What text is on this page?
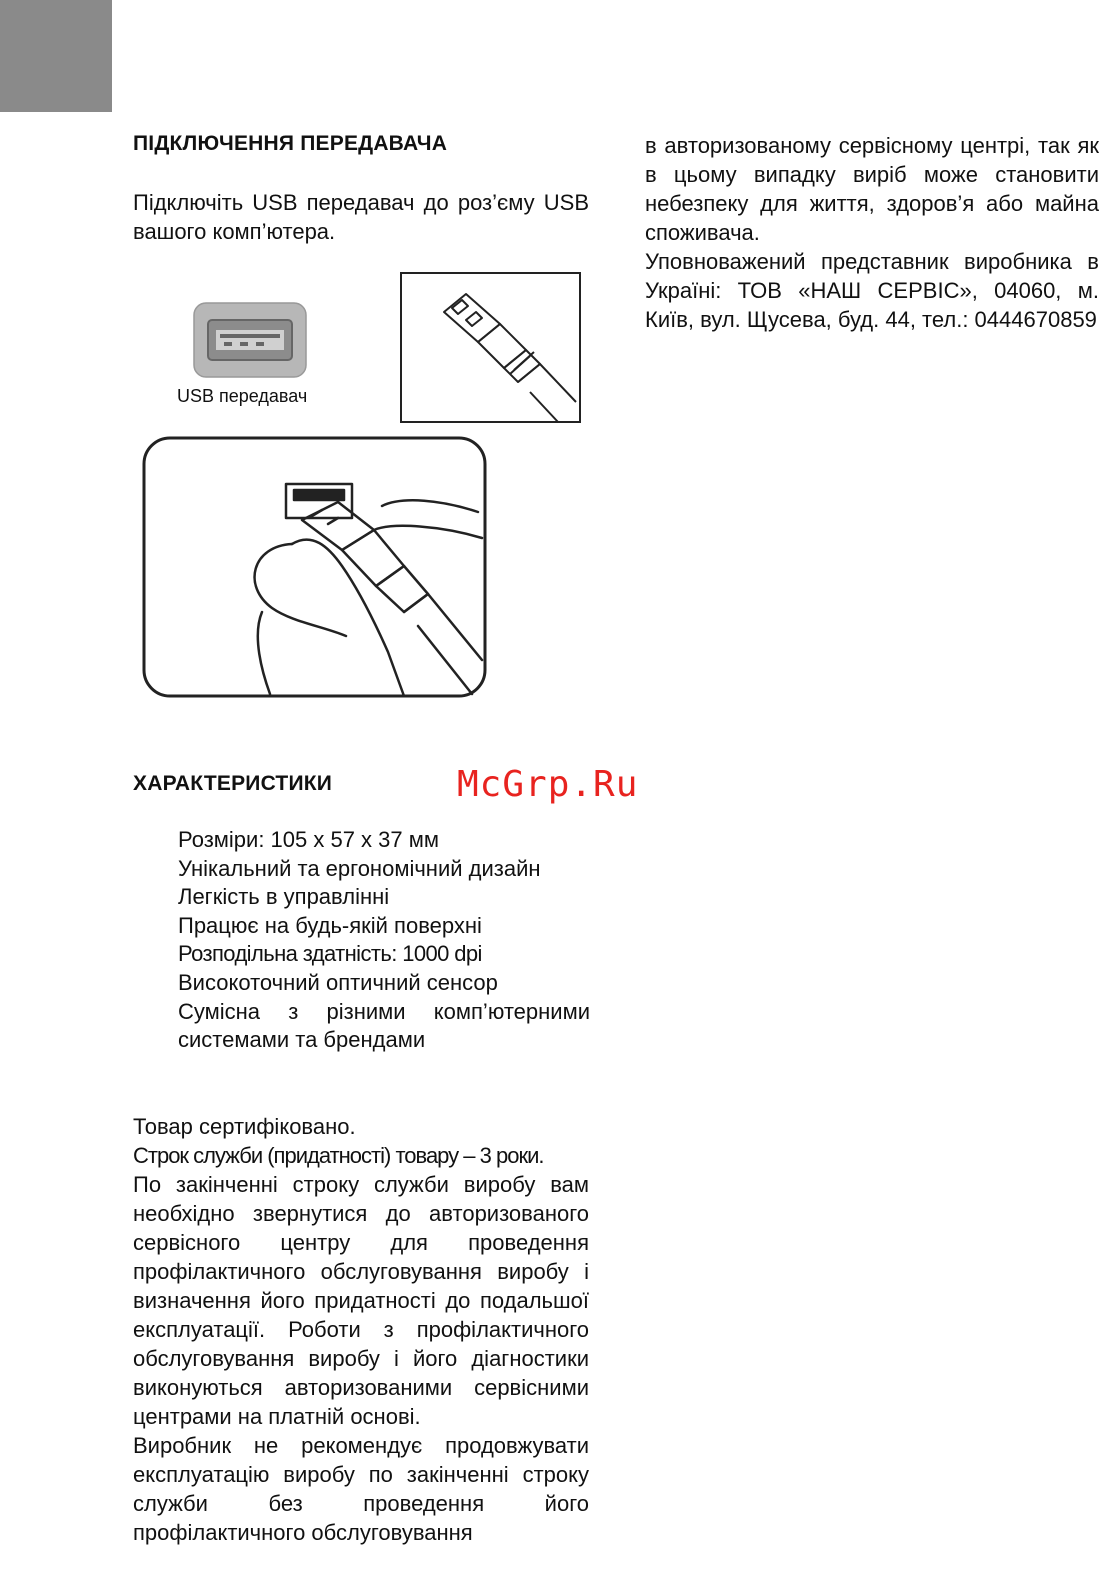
ПІДКЛЮЧЕННЯ ПЕРЕДАВАЧА

Підключіть USB передавач до роз’єму USB вашого комп’ютера.

USB передавач
ХАРАКТЕРИСТИКИ	McGrp.Ru
Розміри: 105 x 57 x 37 мм
Унікальний та ергономічний дизайн
Легкість в управлінні
Працює на будь-якій поверхні
Розподільна здатність: 1000 dpi
Високоточний оптичний сенсор
Сумісна з різними комп’ютерними системами та брендами

Товар сертифіковано.

Строк служби (придатності) товару – 3 роки.

По закінченні строку служби виробу вам необхідно звернутися до авторизованого сервісного центру для проведення профілактичного обслуговування виробу і визначення його придатності до подальшої експлуатації. Роботи з профілактичного обслуговування виробу і його діагностики виконуються авторизованими сервісними центрами на платній основі.

Виробник не рекомендує продовжувати експлуатацію виробу по закінченні строку служби без проведення його профілактичного обслуговування

в авторизованому сервісному центрі, так як в цьому випадку виріб може становити небезпеку для життя, здоров’я або майна споживача.

Уповноважений представник виробника в Україні: ТОВ «НАШ СЕРВІС», 04060, м. Київ, вул. Щусева, буд. 44, тел.: 0444670859
